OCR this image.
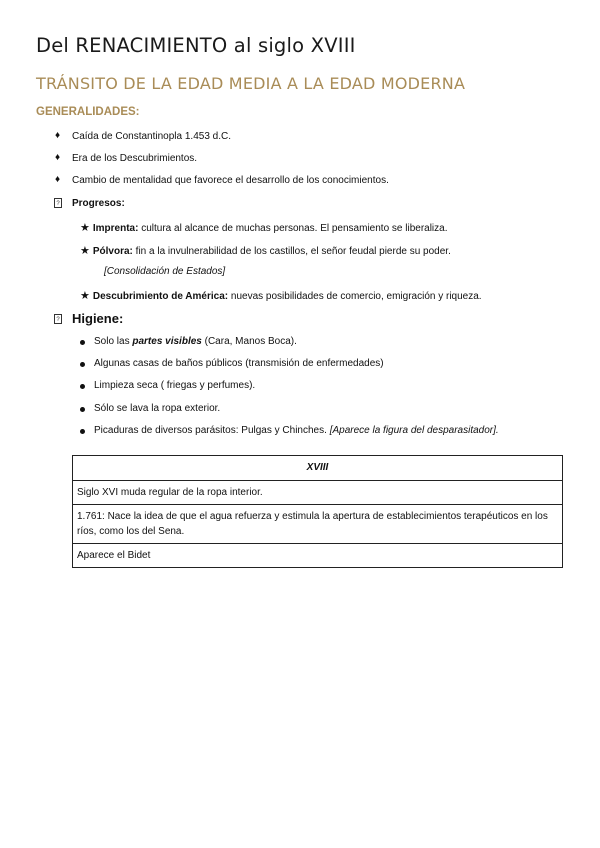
Del RENACIMIENTO al siglo XVIII
TRÁNSITO DE LA EDAD MEDIA A LA EDAD MODERNA
GENERALIDADES:
♦ Caída de Constantinopla 1.453 d.C.
♦ Era de los Descubrimientos.
♦ Cambio de mentalidad que favorece el desarrollo de los conocimientos.
? Progresos:
★ Imprenta: cultura al alcance de muchas personas. El pensamiento se liberaliza.
★ Pólvora: fin a la invulnerabilidad de los castillos, el señor feudal pierde su poder.
[Consolidación de Estados]
★ Descubrimiento de América: nuevas posibilidades de comercio, emigración y riqueza.
? Higiene:
Solo las partes visibles (Cara, Manos Boca).
Algunas casas de baños públicos (transmisión de enfermedades)
Limpieza seca ( friegas y perfumes).
Sólo se lava la ropa exterior.
Picaduras de diversos parásitos: Pulgas y Chinches. [Aparece la figura del desparasitador].
XVIII
Siglo XVI muda regular de la ropa interior.
1.761: Nace la idea de que el agua refuerza y estimula la apertura de establecimientos terapéuticos en los ríos, como los del Sena.
Aparece el Bidet
